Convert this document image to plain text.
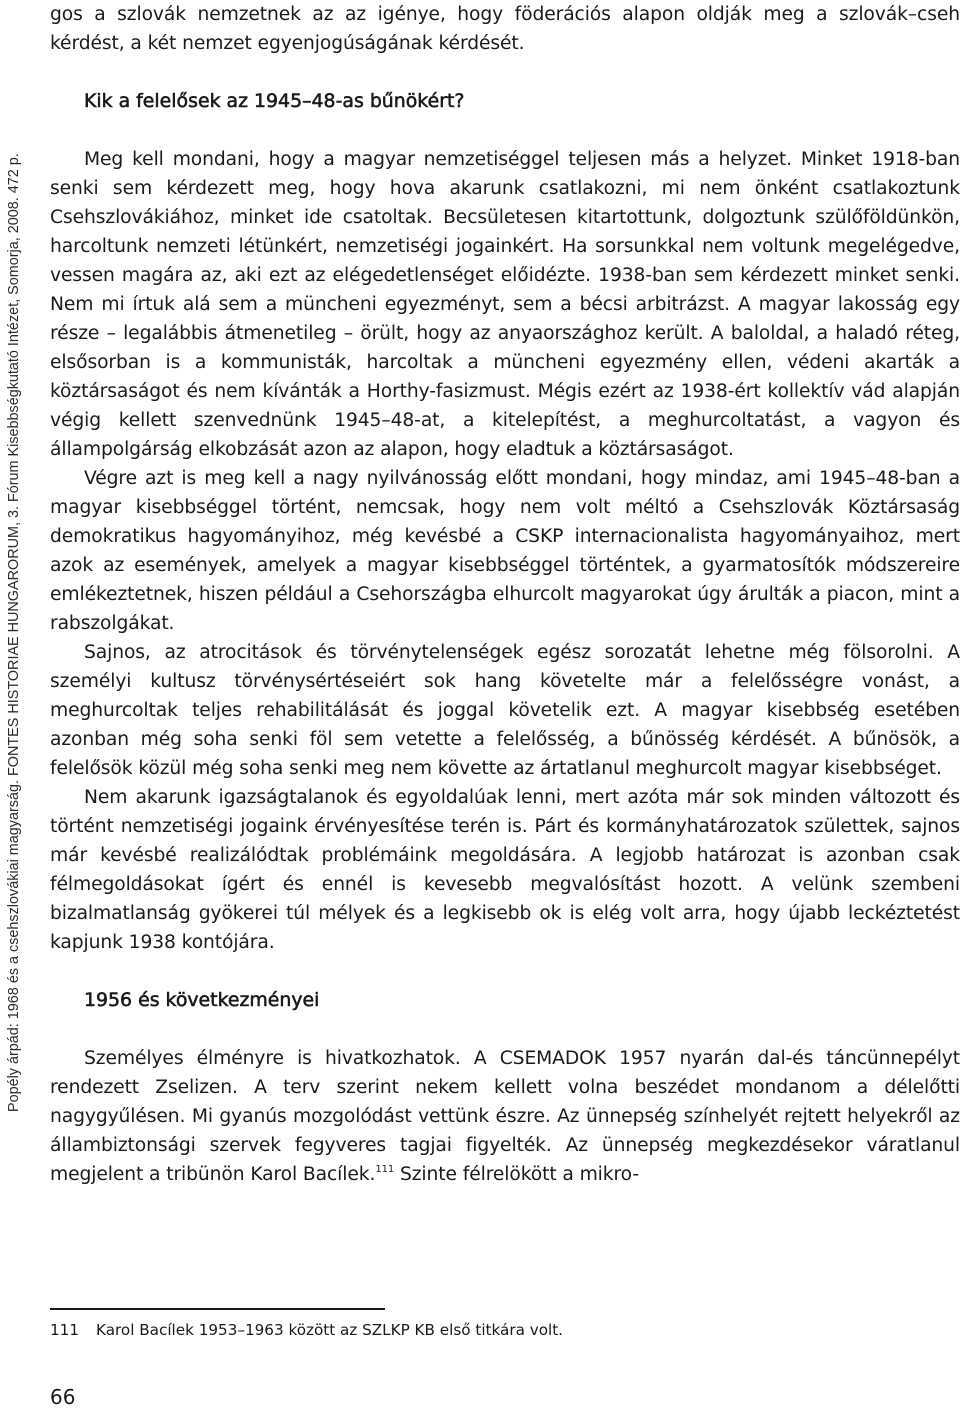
Popély árpád: 1968 és a csehszlovákiai magyarság. FONTES HISTORIAE HUNGARORUM, 3. Fórum Kisebbségkutató Intézet, Somorja, 2008. 472 p.

gos a szlovák nemzetnek az az igénye, hogy föderációs alapon oldják meg a szlovák–cseh kérdést, a két nemzet egyenjogúságának kérdését.

Kik a felelősek az 1945–48-as bűnökért?

Meg kell mondani, hogy a magyar nemzetiséggel teljesen más a helyzet. Minket 1918-ban senki sem kérdezett meg, hogy hova akarunk csatlakozni, mi nem önként csatlakoztunk Csehszlovákiához, minket ide csatoltak. Becsületesen kitartottunk, dolgoztunk szülőföldünkön, harcoltunk nemzeti létünkért, nemzetiségi jogainkért. Ha sorsunkkal nem voltunk megelégedve, vessen magára az, aki ezt az elégedetlenséget előidézte. 1938-ban sem kérdezett minket senki. Nem mi írtuk alá sem a müncheni egyezményt, sem a bécsi arbitrázst. A magyar lakosság egy része – legalábbis átmenetileg – örült, hogy az anyaországhoz került. A baloldal, a haladó réteg, elsősorban is a kommunisták, harcoltak a müncheni egyezmény ellen, védeni akarták a köztársaságot és nem kívánták a Horthy-fasizmust. Mégis ezért az 1938-ért kollektív vád alapján végig kellett szenvednünk 1945–48-at, a kitelepítést, a meghurcoltatást, a vagyon és állampolgárság elkobzását azon az alapon, hogy eladtuk a köztársaságot.

Végre azt is meg kell a nagy nyilvánosság előtt mondani, hogy mindaz, ami 1945–48-ban a magyar kisebbséggel történt, nemcsak, hogy nem volt méltó a Csehszlovák Köztársaság demokratikus hagyományihoz, még kevésbé a CSKP internacionalista hagyományaihoz, mert azok az események, amelyek a magyar kisebbséggel történtek, a gyarmatosítók módszereire emlékeztetnek, hiszen például a Csehországba elhurcolt magyarokat úgy árulták a piacon, mint a rabszolgákat.

Sajnos, az atrocitások és törvénytelenségek egész sorozatát lehetne még fölsorolni. A személyi kultusz törvénysértéseiért sok hang követelte már a felelősségre vonást, a meghurcoltak teljes rehabilitálását és joggal követelik ezt. A magyar kisebbség esetében azonban még soha senki föl sem vetette a felelősség, a bűnösség kérdését. A bűnösök, a felelősök közül még soha senki meg nem követte az ártatlanul meghurcolt magyar kisebbséget.

Nem akarunk igazságtalanok és egyoldalúak lenni, mert azóta már sok minden változott és történt nemzetiségi jogaink érvényesítése terén is. Párt és kormányhatározatok születtek, sajnos már kevésbé realizálódtak problémáink megoldására. A legjobb határozat is azonban csak félmegoldásokat ígért és ennél is kevesebb megvalósítást hozott. A velünk szembeni bizalmatlanság gyökerei túl mélyek és a legkisebb ok is elég volt arra, hogy újabb leckéztetést kapjunk 1938 kontójára.

1956 és következményei

Személyes élményre is hivatkozhatok. A CSEMADOK 1957 nyarán dal-és táncünnepélyt rendezett Zselizen. A terv szerint nekem kellett volna beszédet mondanom a délelőtti nagygyűlésen. Mi gyanús mozgolódást vettünk észre. Az ünnepség színhelyét rejtett helyekről az állambiztonsági szervek fegyveres tagjai figyelték. Az ünnepség megkezdésekor váratlanul megjelent a tribünön Karol Bacílek.$^{111}$ Szinte félrelökött a mikro-

111 Karol Bacílek 1953–1963 között az SZLKP KB első titkára volt.
66
